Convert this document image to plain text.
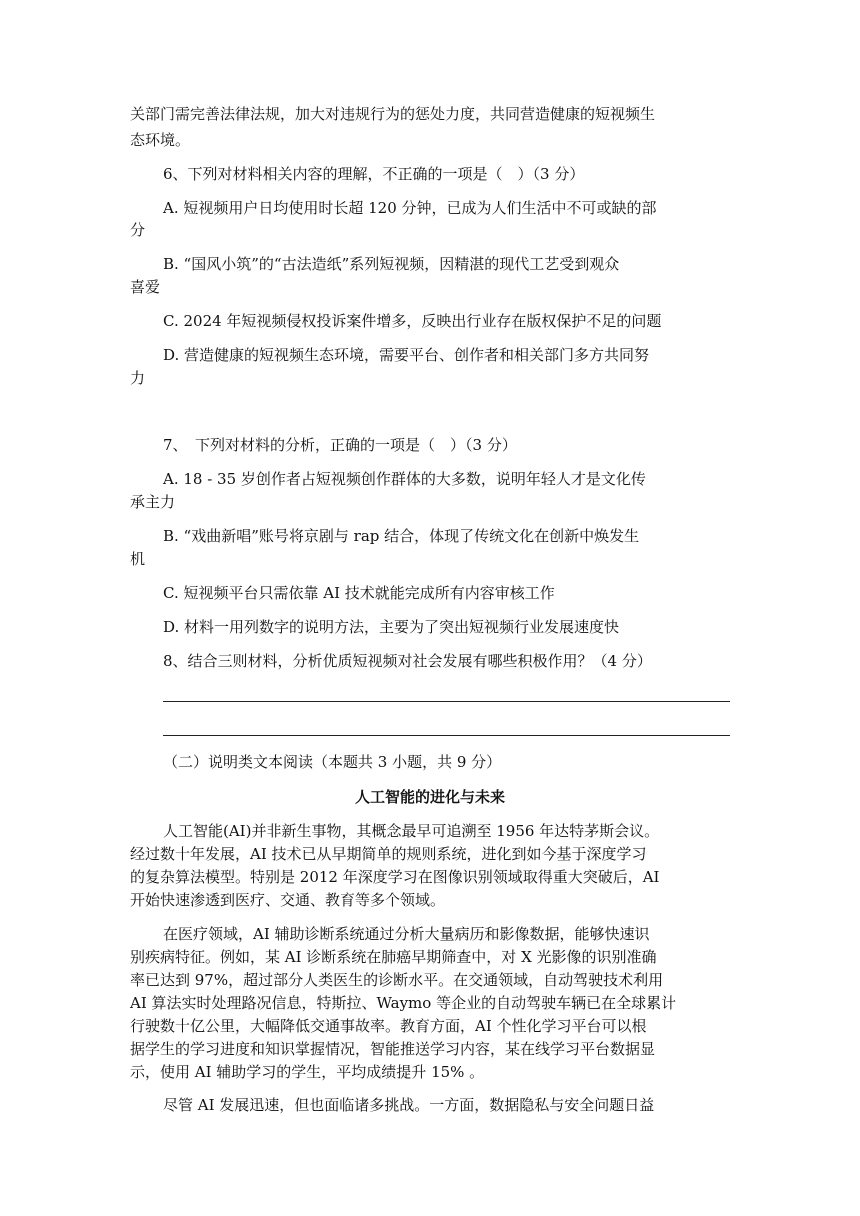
关部门需完善法律法规，加大对违规行为的惩处力度，共同营造健康的短视频生
态环境。
6、下列对材料相关内容的理解，不正确的一项是（　）（3 分）
A. 短视频用户日均使用时长超 120 分钟，已成为人们生活中不可或缺的部
分
B. “国风小筑”的“古法造纸”系列短视频，因精湛的现代工艺受到观众
喜爱
C. 2024 年短视频侵权投诉案件增多，反映出行业存在版权保护不足的问题
D. 营造健康的短视频生态环境，需要平台、创作者和相关部门多方共同努
力
7、　下列对材料的分析，正确的一项是（　）（3 分）
A. 18 - 35 岁创作者占短视频创作群体的大多数，说明年轻人才是文化传
承主力
B. “戏曲新唱”账号将京剧与 rap 结合，体现了传统文化在创新中焕发生
机
C. 短视频平台只需依靠 AI 技术就能完成所有内容审核工作
D. 材料一用列数字的说明方法，主要为了突出短视频行业发展速度快
8、结合三则材料，分析优质短视频对社会发展有哪些积极作用？（4 分）
（二）说明类文本阅读（本题共 3 小题，共 9 分）
人工智能的进化与未来
人工智能(AI)并非新生事物，其概念最早可追溯至 1956 年达特茅斯会议。
经过数十年发展，AI 技术已从早期简单的规则系统，进化到如今基于深度学习
的复杂算法模型。特别是 2012 年深度学习在图像识别领域取得重大突破后，AI
开始快速渗透到医疗、交通、教育等多个领域。
在医疗领域，AI 辅助诊断系统通过分析大量病历和影像数据，能够快速识
别疾病特征。例如，某 AI 诊断系统在肺癌早期筛查中，对 X 光影像的识别准确
率已达到 97%，超过部分人类医生的诊断水平。在交通领域，自动驾驶技术利用
AI 算法实时处理路况信息，特斯拉、Waymo 等企业的自动驾驶车辆已在全球累计
行驶数十亿公里，大幅降低交通事故率。教育方面，AI 个性化学习平台可以根
据学生的学习进度和知识掌握情况，智能推送学习内容，某在线学习平台数据显
示，使用 AI 辅助学习的学生，平均成绩提升 15% 。
尽管 AI 发展迅速，但也面临诸多挑战。一方面，数据隐私与安全问题日益
